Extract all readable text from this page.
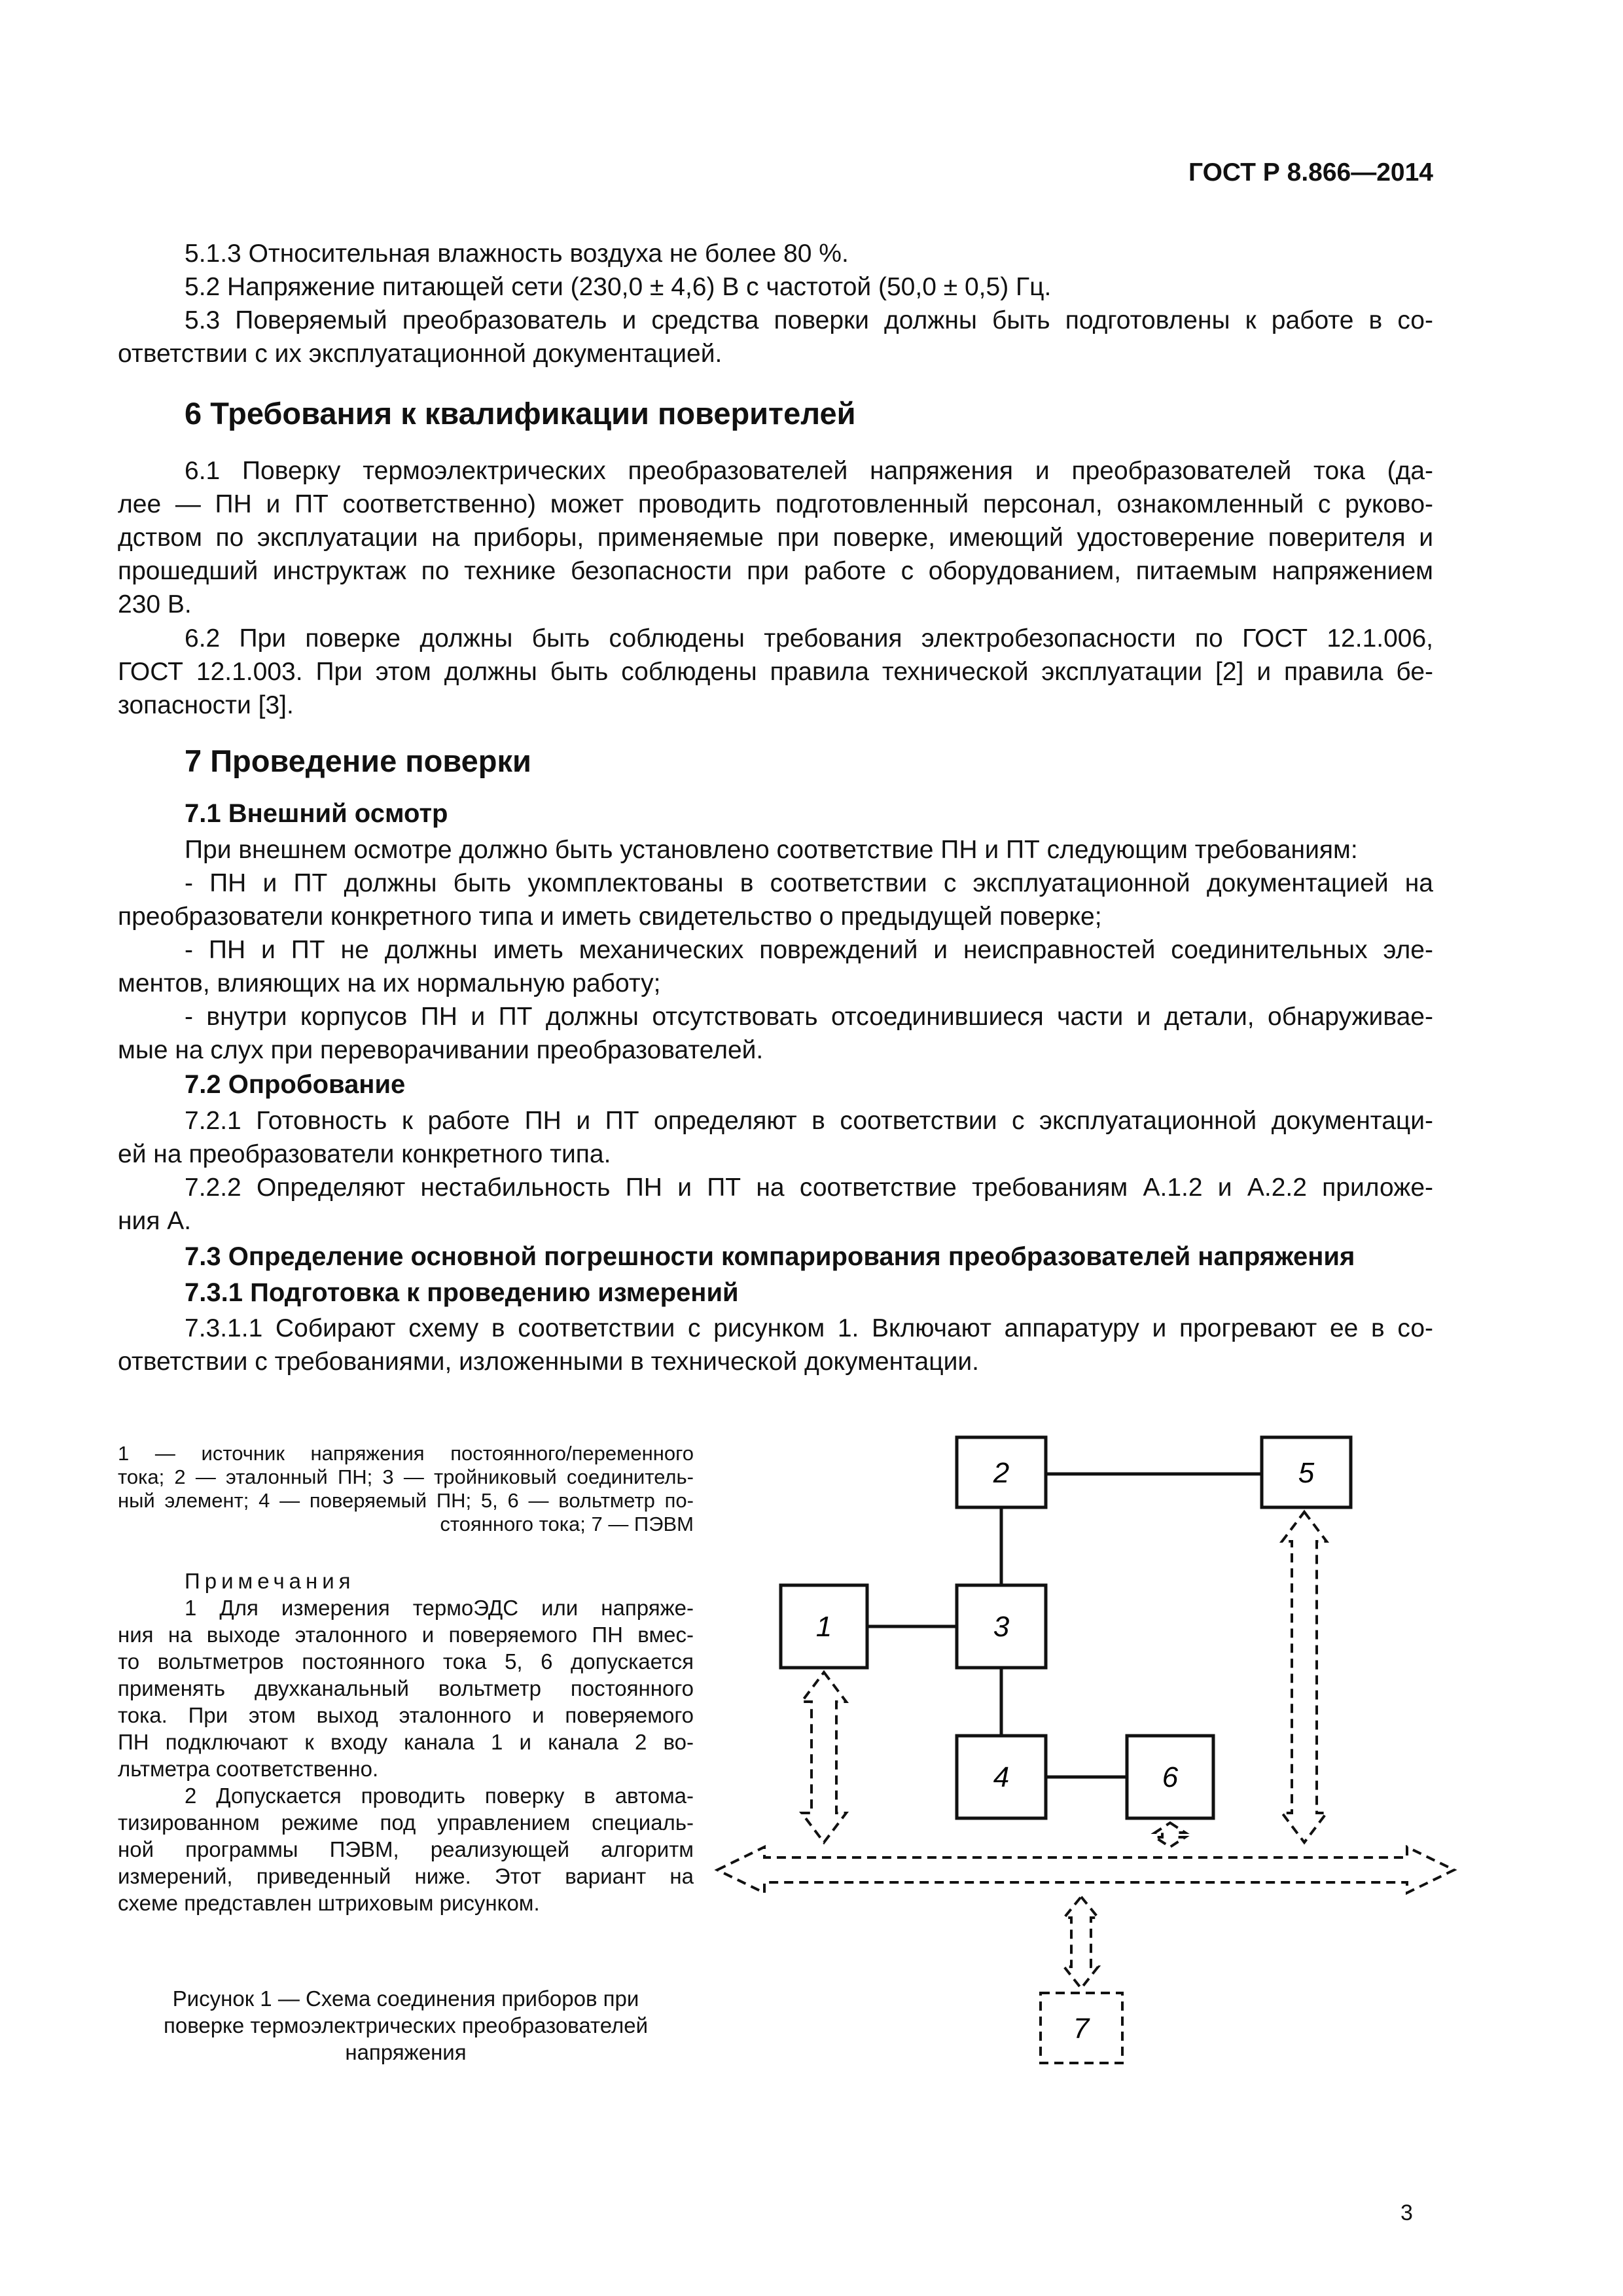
ГОСТ Р 8.866—2014
5.1.3 Относительная влажность воздуха не более 80 %.
5.2 Напряжение питающей сети (230,0 ± 4,6) В с частотой (50,0 ± 0,5) Гц.
5.3 Поверяемый преобразователь и средства поверки должны быть подготовлены к работе в со-
ответствии с их эксплуатационной документацией.
6 Требования к квалификации поверителей
6.1 Поверку термоэлектрических преобразователей напряжения и преобразователей тока (да-
лее — ПН и ПТ соответственно) может проводить подготовленный персонал, ознакомленный с руково-
дством по эксплуатации на приборы, применяемые при поверке, имеющий удостоверение поверителя и
прошедший инструктаж по технике безопасности при работе с оборудованием, питаемым напряжением
230 В.
6.2 При поверке должны быть соблюдены требования электробезопасности по ГОСТ 12.1.006,
ГОСТ 12.1.003. При этом должны быть соблюдены правила технической эксплуатации [2] и правила бе-
зопасности [3].
7 Проведение поверки
7.1 Внешний осмотр
При внешнем осмотре должно быть установлено соответствие ПН и ПТ следующим требованиям:
- ПН и ПТ должны быть укомплектованы в соответствии с эксплуатационной документацией на
преобразователи конкретного типа и иметь свидетельство о предыдущей поверке;
- ПН и ПТ не должны иметь механических повреждений и неисправностей соединительных эле-
ментов, влияющих на их нормальную работу;
- внутри корпусов ПН и ПТ должны отсутствовать отсоединившиеся части и детали, обнаруживае-
мые на слух при переворачивании преобразователей.
7.2 Опробование
7.2.1 Готовность к работе ПН и ПТ определяют в соответствии с эксплуатационной документаци-
ей на преобразователи конкретного типа.
7.2.2 Определяют нестабильность ПН и ПТ на соответствие требованиям А.1.2 и А.2.2 приложе-
ния А.
7.3 Определение основной погрешности компарирования преобразователей напряжения
7.3.1 Подготовка к проведению измерений
7.3.1.1 Собирают схему в соответствии с рисунком 1. Включают аппаратуру и прогревают ее в со-
ответствии с требованиями, изложенными в технической документации.
1 — источник напряжения постоянного/переменного
тока; 2 — эталонный ПН; 3 — тройниковый соединитель-
ный элемент; 4 — поверяемый ПН; 5, 6 — вольтметр по-
стоянного тока; 7 — ПЭВМ
Примечания
1 Для измерения термоЭДС или напряже-
ния на выходе эталонного и поверяемого ПН вмес-
то вольтметров постоянного тока 5, 6 допускается
применять двухканальный вольтметр постоянного
тока. При этом выход эталонного и поверяемого
ПН подключают к входу канала 1 и канала 2 во-
льтметра соответственно.
2 Допускается проводить поверку в автома-
тизированном режиме под управлением специаль-
ной программы ПЭВМ, реализующей алгоритм
измерений, приведенный ниже. Этот вариант на
схеме представлен штриховым рисунком.
Рисунок 1 — Схема соединения приборов при
поверке термоэлектрических преобразователей
напряжения
2	5
1	3
4	6
7
3
